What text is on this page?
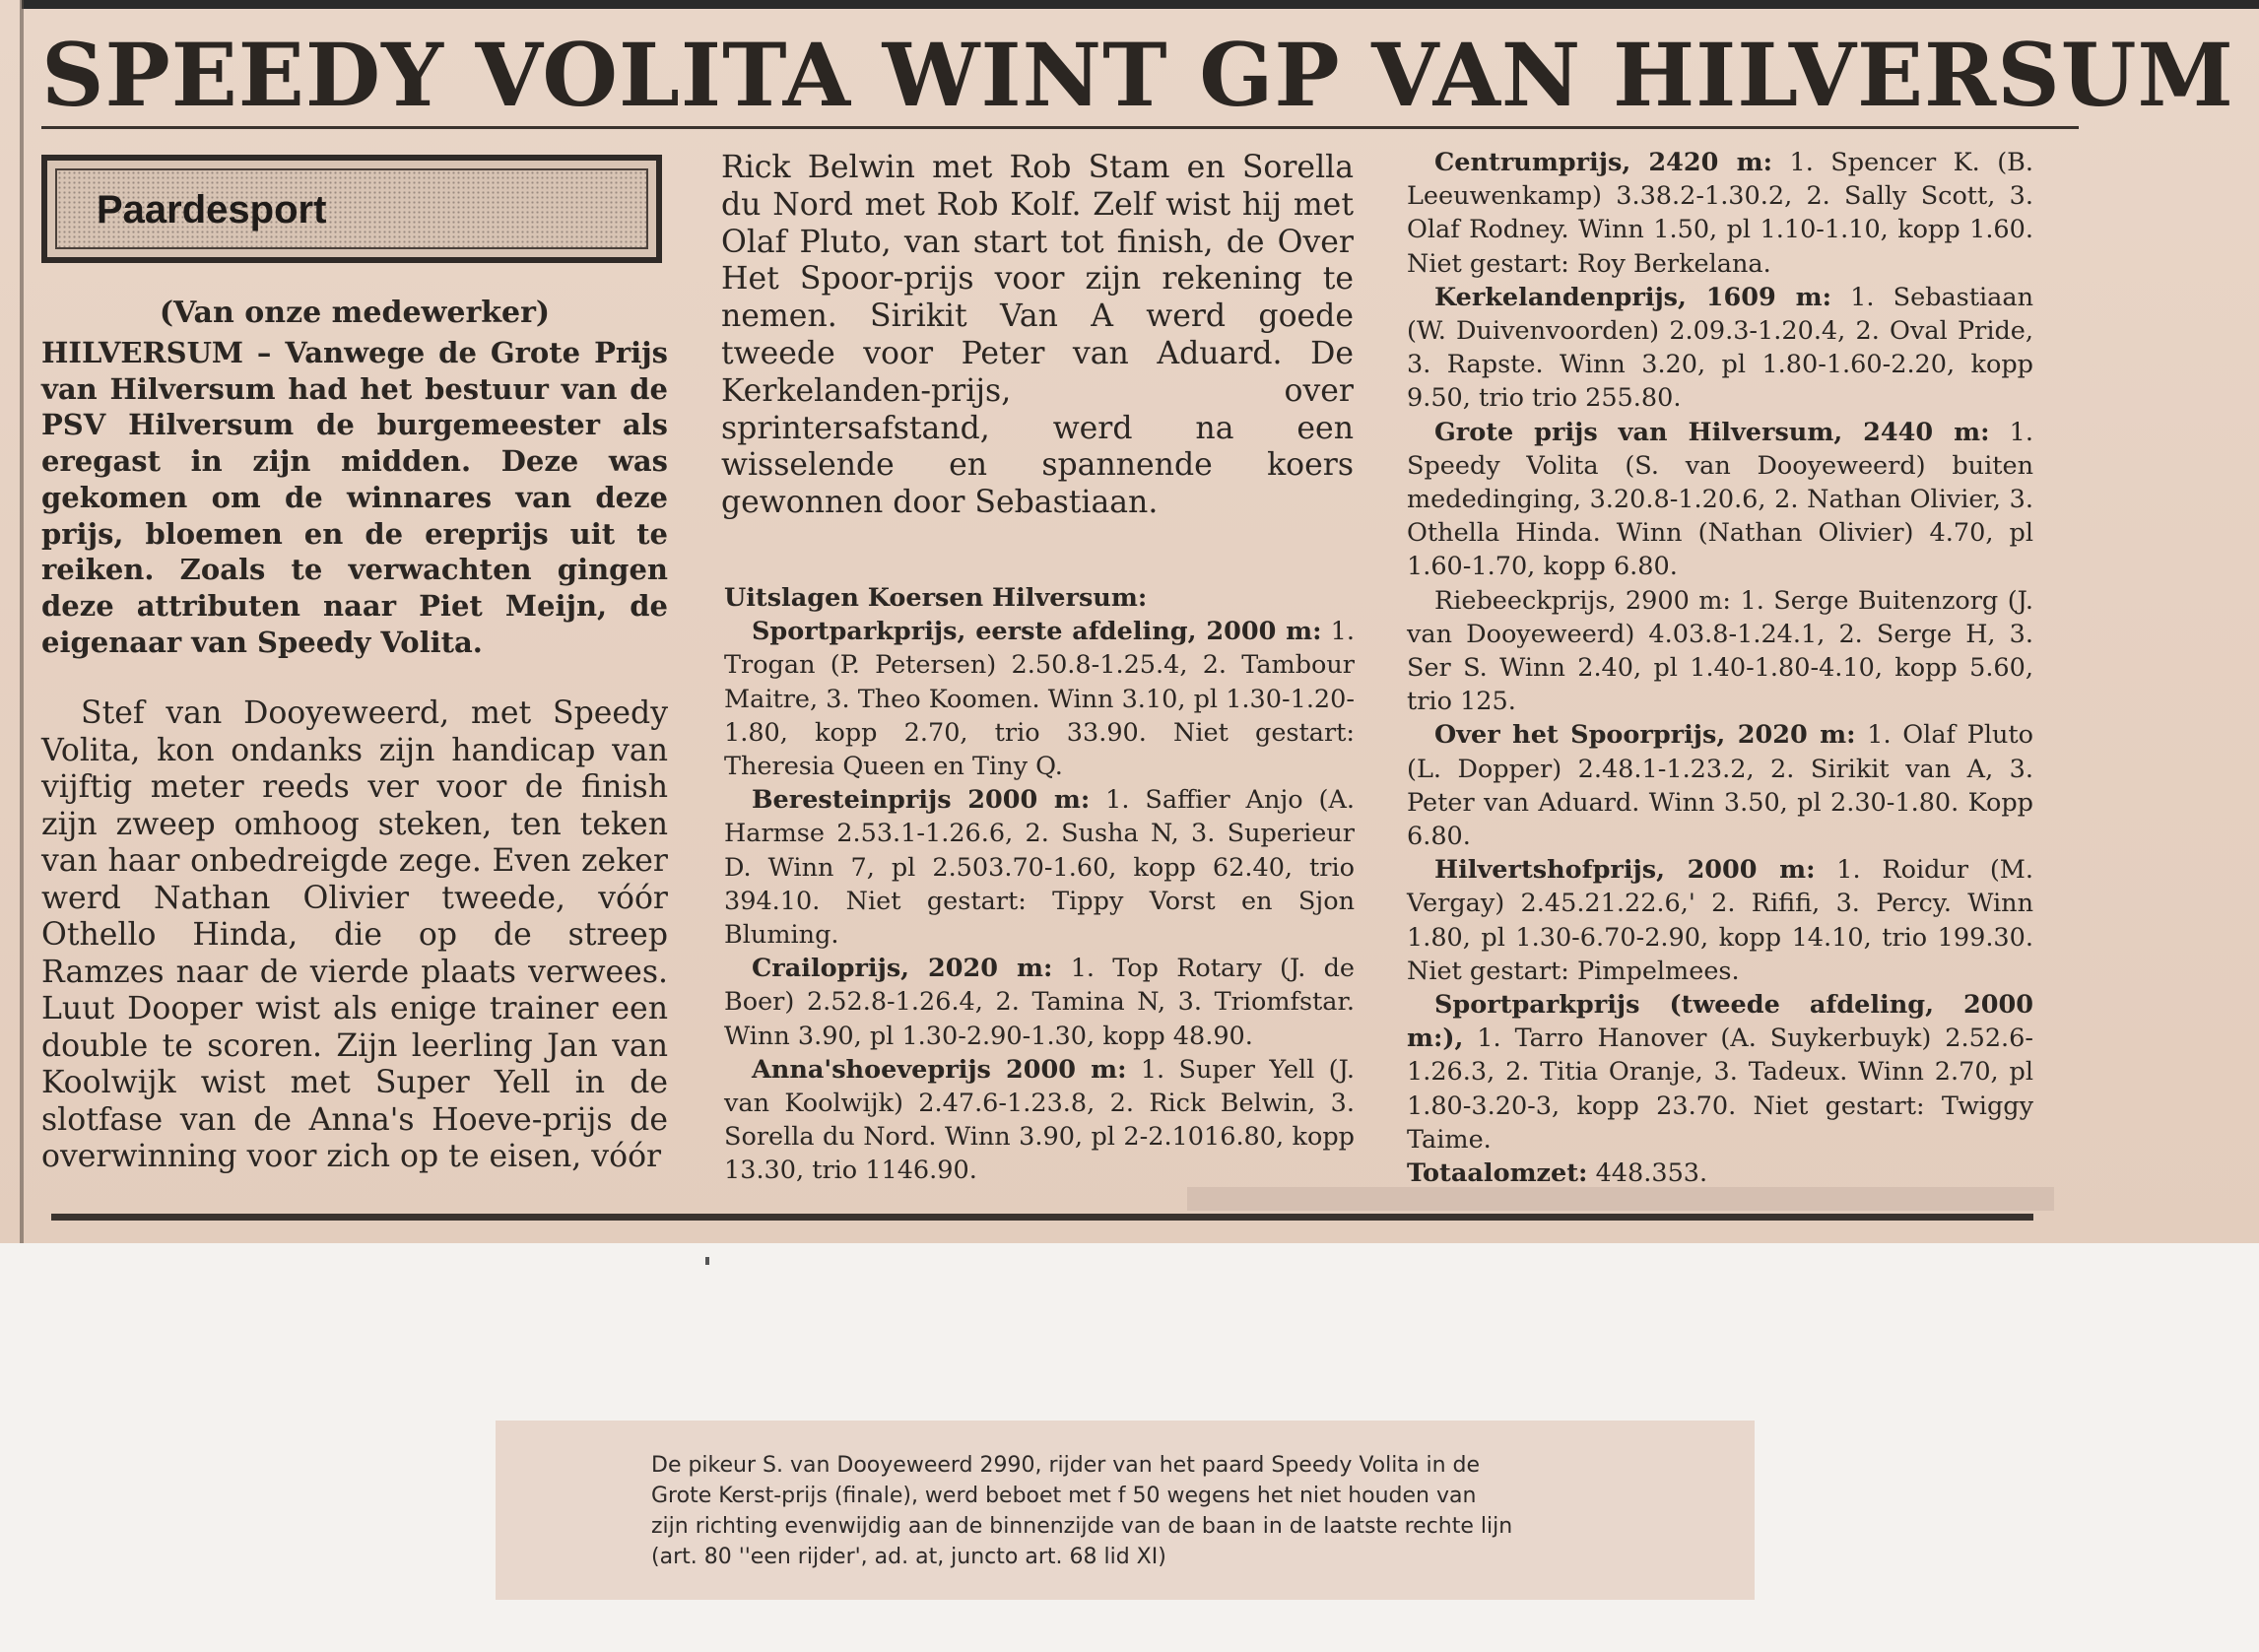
SPEEDY VOLITA WINT GP VAN HILVERSUM
Paardesport

(Van onze medewerker)

HILVERSUM – Vanwege de Grote Prijs van Hilversum had het bestuur van de PSV Hilversum de burgemeester als eregast in zijn midden. Deze was gekomen om de winnares van deze prijs, bloemen en de ereprijs uit te reiken. Zoals te verwachten gingen deze attributen naar Piet Meijn, de eigenaar van Speedy Volita.

Stef van Dooyeweerd, met Speedy Volita, kon ondanks zijn handicap van vijftig meter reeds ver voor de finish zijn zweep omhoog steken, ten teken van haar onbedreigde zege. Even zeker werd Nathan Olivier tweede, vóór Othello Hinda, die op de streep Ramzes naar de vierde plaats verwees. Luut Dooper wist als enige trainer een double te scoren. Zijn leerling Jan van Koolwijk wist met Super Yell in de slotfase van de Anna's Hoeve-prijs de overwinning voor zich op te eisen, vóór

Rick Belwin met Rob Stam en Sorella du Nord met Rob Kolf. Zelf wist hij met Olaf Pluto, van start tot finish, de Over Het Spoor-prijs voor zijn rekening te nemen. Sirikit Van A werd goede tweede voor Peter van Aduard. De Kerkelanden-prijs, over sprintersafstand, werd na een wisselende en spannende koers gewonnen door Sebastiaan.

Uitslagen Koersen Hilversum:

Sportparkprijs, eerste afdeling, 2000 m: 1. Trogan (P. Petersen) 2.50.8-1.25.4, 2. Tambour Maitre, 3. Theo Koomen. Winn 3.10, pl 1.30-1.20-1.80, kopp 2.70, trio 33.90. Niet gestart: Theresia Queen en Tiny Q.

Beresteinprijs 2000 m: 1. Saffier Anjo (A. Harmse 2.53.1-1.26.6, 2. Susha N, 3. Superieur D. Winn 7, pl 2.503.70-1.60, kopp 62.40, trio 394.10. Niet gestart: Tippy Vorst en Sjon Bluming.

Crailoprijs, 2020 m: 1. Top Rotary (J. de Boer) 2.52.8-1.26.4, 2. Tamina N, 3. Triomfstar. Winn 3.90, pl 1.30-2.90-1.30, kopp 48.90.

Anna'shoeveprijs 2000 m: 1. Super Yell (J. van Koolwijk) 2.47.6-1.23.8, 2. Rick Belwin, 3. Sorella du Nord. Winn 3.90, pl 2-2.1016.80, kopp 13.30, trio 1146.90.

Centrumprijs, 2420 m: 1. Spencer K. (B. Leeuwenkamp) 3.38.2-1.30.2, 2. Sally Scott, 3. Olaf Rodney. Winn 1.50, pl 1.10-1.10, kopp 1.60. Niet gestart: Roy Berkelana.

Kerkelandenprijs, 1609 m: 1. Sebastiaan (W. Duivenvoorden) 2.09.3-1.20.4, 2. Oval Pride, 3. Rapste. Winn 3.20, pl 1.80-1.60-2.20, kopp 9.50, trio trio 255.80.

Grote prijs van Hilversum, 2440 m: 1. Speedy Volita (S. van Dooyeweerd) buiten mededinging, 3.20.8-1.20.6, 2. Nathan Olivier, 3. Othella Hinda. Winn (Nathan Olivier) 4.70, pl 1.60-1.70, kopp 6.80.

Riebeeckprijs, 2900 m: 1. Serge Buitenzorg (J. van Dooyeweerd) 4.03.8-1.24.1, 2. Serge H, 3. Ser S. Winn 2.40, pl 1.40-1.80-4.10, kopp 5.60, trio 125.

Over het Spoorprijs, 2020 m: 1. Olaf Pluto (L. Dopper) 2.48.1-1.23.2, 2. Sirikit van A, 3. Peter van Aduard. Winn 3.50, pl 2.30-1.80. Kopp 6.80.

Hilvertshofprijs, 2000 m: 1. Roidur (M. Vergay) 2.45.21.22.6,' 2. Rififi, 3. Percy. Winn 1.80, pl 1.30-6.70-2.90, kopp 14.10, trio 199.30. Niet gestart: Pimpelmees.

Sportparkprijs (tweede afdeling, 2000 m:), 1. Tarro Hanover (A. Suykerbuyk) 2.52.6-1.26.3, 2. Titia Oranje, 3. Tadeux. Winn 2.70, pl 1.80-3.20-3, kopp 23.70. Niet gestart: Twiggy Taime.

Totaalomzet: 448.353.

De pikeur S. van Dooyeweerd 2990, rijder van het paard Speedy Volita in de
Grote Kerst-prijs (finale), werd beboet met f 50 wegens het niet houden van
zijn richting evenwijdig aan de binnenzijde van de baan in de laatste rechte lijn
(art. 80 ''een rijder', ad. at, juncto art. 68 lid XI)
